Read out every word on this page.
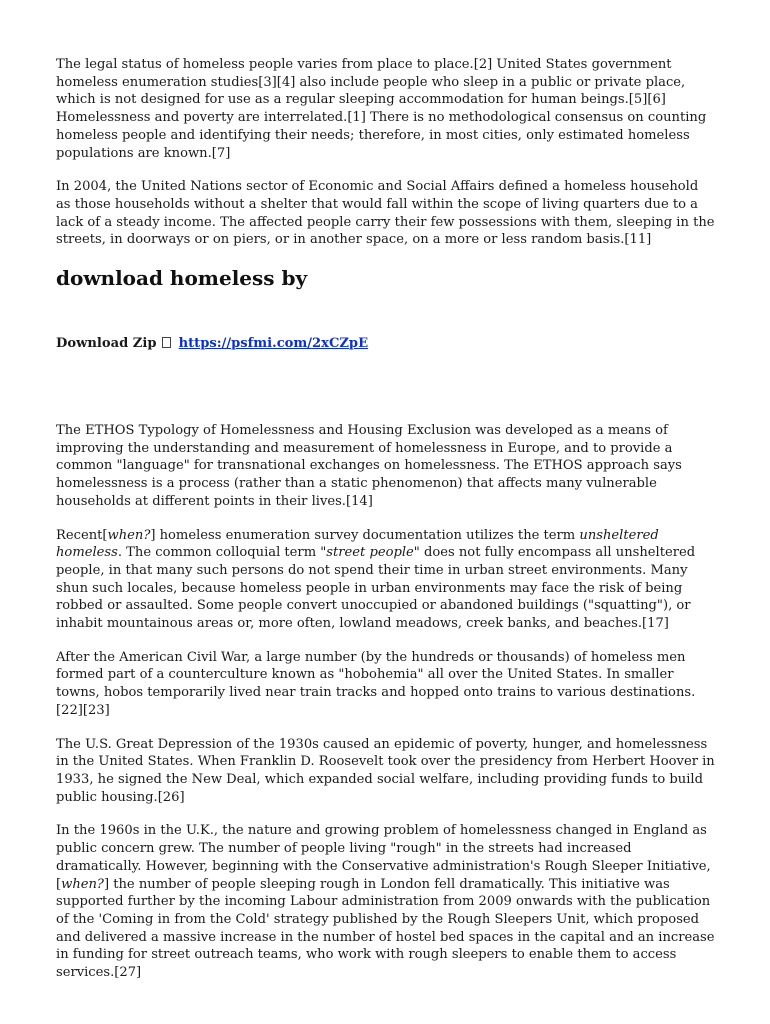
The legal status of homeless people varies from place to place.[2] United States government homeless enumeration studies[3][4] also include people who sleep in a public or private place, which is not designed for use as a regular sleeping accommodation for human beings.[5][6] Homelessness and poverty are interrelated.[1] There is no methodological consensus on counting homeless people and identifying their needs; therefore, in most cities, only estimated homeless populations are known.[7]

In 2004, the United Nations sector of Economic and Social Affairs defined a homeless household as those households without a shelter that would fall within the scope of living quarters due to a lack of a steady income. The affected people carry their few possessions with them, sleeping in the streets, in doorways or on piers, or in another space, on a more or less random basis.[11]

download homeless by
Download Zip https://psfmi.com/2xCZpE

The ETHOS Typology of Homelessness and Housing Exclusion was developed as a means of improving the understanding and measurement of homelessness in Europe, and to provide a common "language" for transnational exchanges on homelessness. The ETHOS approach says homelessness is a process (rather than a static phenomenon) that affects many vulnerable households at different points in their lives.[14]

Recent[when?] homeless enumeration survey documentation utilizes the term unsheltered homeless. The common colloquial term "street people" does not fully encompass all unsheltered people, in that many such persons do not spend their time in urban street environments. Many shun such locales, because homeless people in urban environments may face the risk of being robbed or assaulted. Some people convert unoccupied or abandoned buildings ("squatting"), or inhabit mountainous areas or, more often, lowland meadows, creek banks, and beaches.[17]

After the American Civil War, a large number (by the hundreds or thousands) of homeless men formed part of a counterculture known as "hobohemia" all over the United States. In smaller towns, hobos temporarily lived near train tracks and hopped onto trains to various destinations.[22][23]

The U.S. Great Depression of the 1930s caused an epidemic of poverty, hunger, and homelessness in the United States. When Franklin D. Roosevelt took over the presidency from Herbert Hoover in 1933, he signed the New Deal, which expanded social welfare, including providing funds to build public housing.[26]

In the 1960s in the U.K., the nature and growing problem of homelessness changed in England as public concern grew. The number of people living "rough" in the streets had increased dramatically. However, beginning with the Conservative administration's Rough Sleeper Initiative,[when?] the number of people sleeping rough in London fell dramatically. This initiative was supported further by the incoming Labour administration from 2009 onwards with the publication of the 'Coming in from the Cold' strategy published by the Rough Sleepers Unit, which proposed and delivered a massive increase in the number of hostel bed spaces in the capital and an increase in funding for street outreach teams, who work with rough sleepers to enable them to access services.[27]
